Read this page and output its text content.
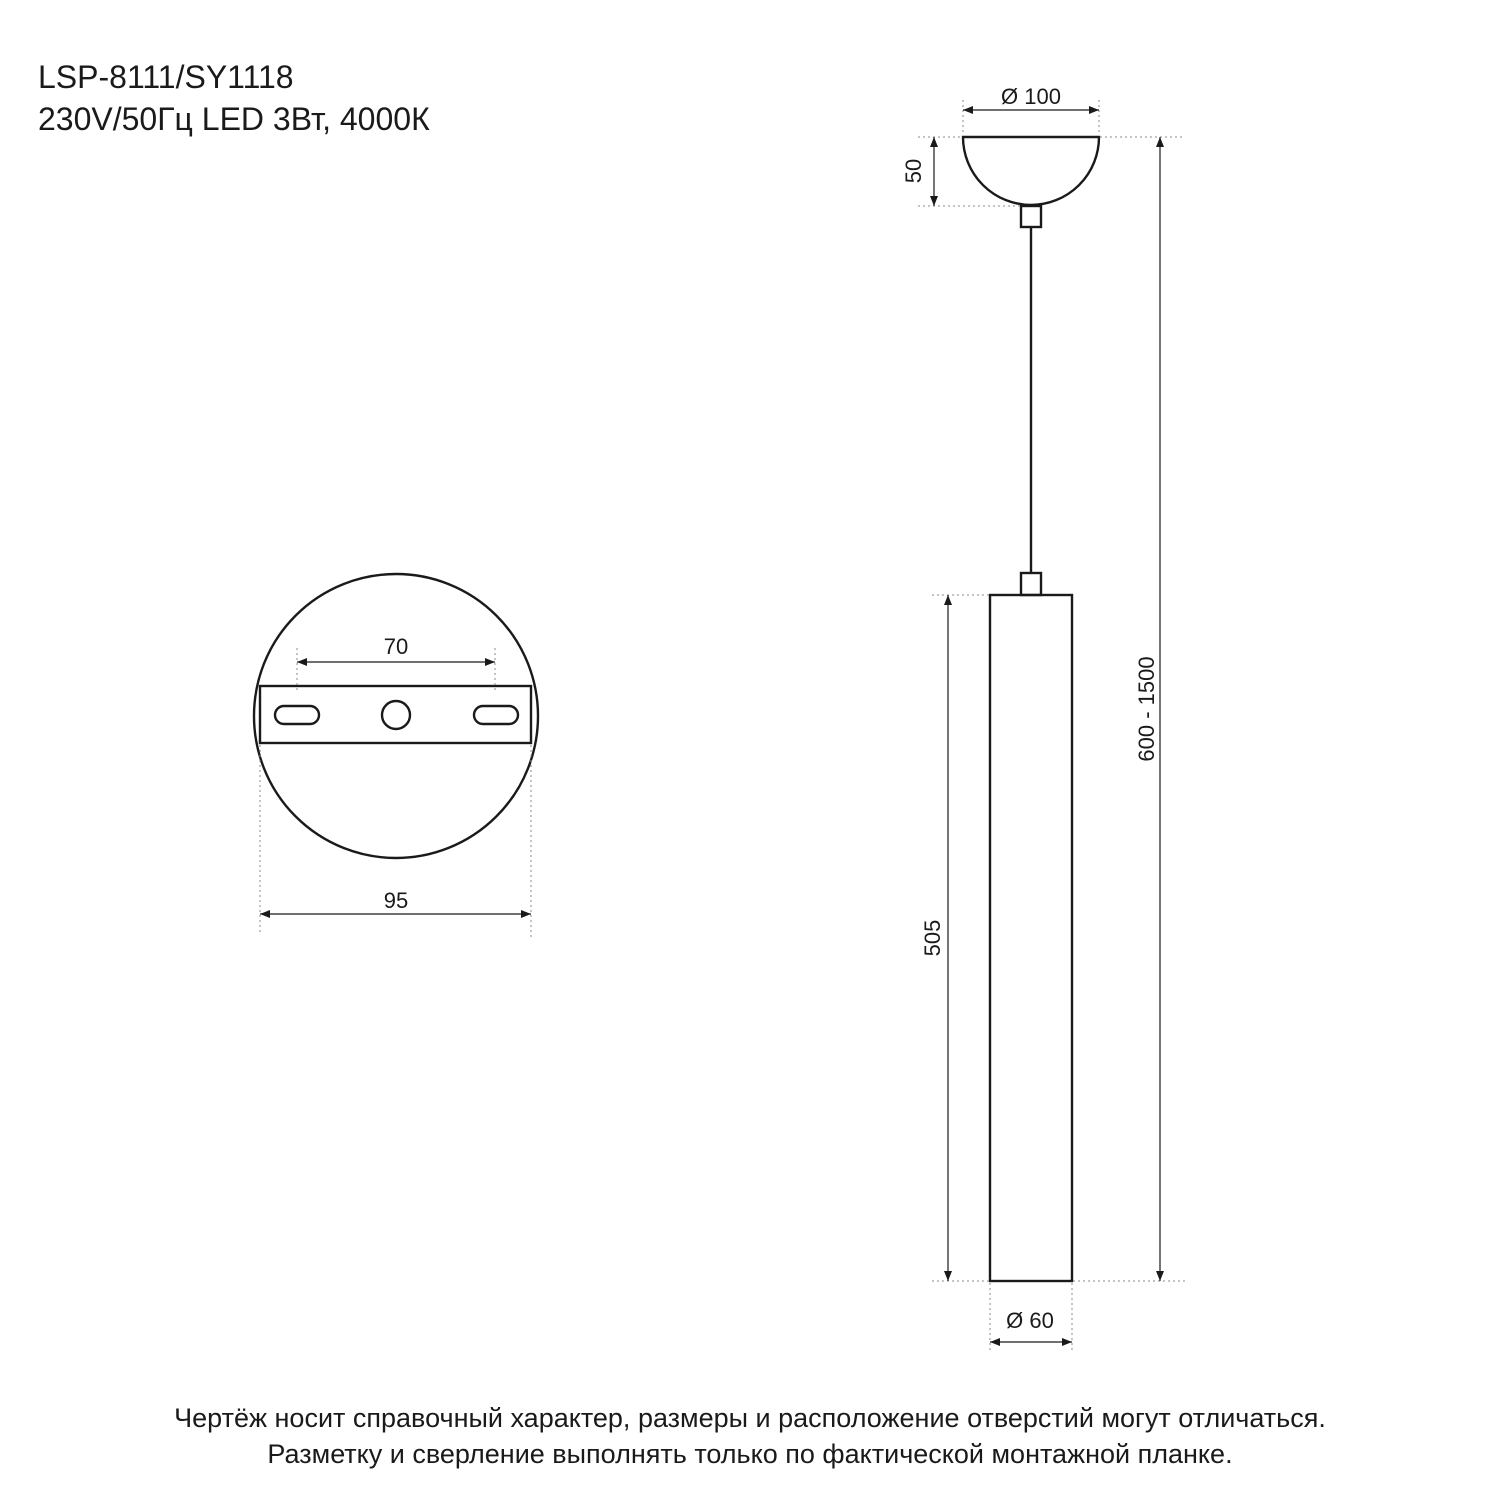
LSP-8111/SY1118
230V/50Гц LED 3Вт, 4000К
70
95
Ø 100
50
600 - 1500
505
Ø 60
Чертёж носит справочный характер, размеры и расположение отверстий могут отличаться.
Разметку и сверление выполнять только по фактической монтажной планке.
